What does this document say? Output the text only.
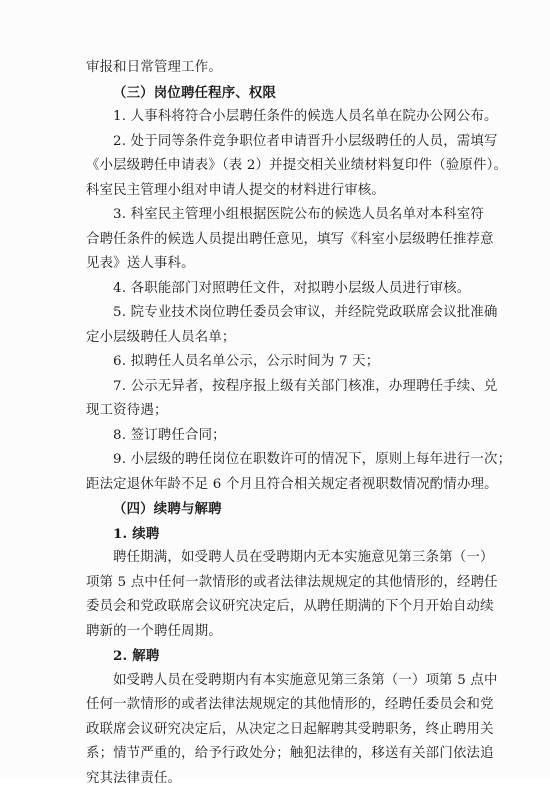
审报和日常管理工作。
（三）岗位聘任程序、权限
1. 人事科将符合小层聘任条件的候选人员名单在院办公网公布。
2. 处于同等条件竞争职位者申请晋升小层级聘任的人员，需填写
《小层级聘任申请表》（表 2）并提交相关业绩材料复印件（验原件）。
科室民主管理小组对申请人提交的材料进行审核。
3. 科室民主管理小组根据医院公布的候选人员名单对本科室符
合聘任条件的候选人员提出聘任意见，填写《科室小层级聘任推荐意
见表》送人事科。
4. 各职能部门对照聘任文件，对拟聘小层级人员进行审核。
5. 院专业技术岗位聘任委员会审议，并经院党政联席会议批准确
定小层级聘任人员名单；
6. 拟聘任人员名单公示，公示时间为 7 天；
7. 公示无异者，按程序报上级有关部门核准，办理聘任手续、兑
现工资待遇；
8. 签订聘任合同；
9. 小层级的聘任岗位在职数许可的情况下，原则上每年进行一次；
距法定退休年龄不足 6 个月且符合相关规定者视职数情况酌情办理。
（四）续聘与解聘
1. 续聘
聘任期满，如受聘人员在受聘期内无本实施意见第三条第（一）
项第 5 点中任何一款情形的或者法律法规规定的其他情形的，经聘任
委员会和党政联席会议研究决定后，从聘任期满的下个月开始自动续
聘新的一个聘任周期。
2. 解聘
如受聘人员在受聘期内有本实施意见第三条第（一）项第 5 点中
任何一款情形的或者法律法规规定的其他情形的，经聘任委员会和党
政联席会议研究决定后，从决定之日起解聘其受聘职务，终止聘用关
系；情节严重的，给予行政处分；触犯法律的，移送有关部门依法追
究其法律责任。
